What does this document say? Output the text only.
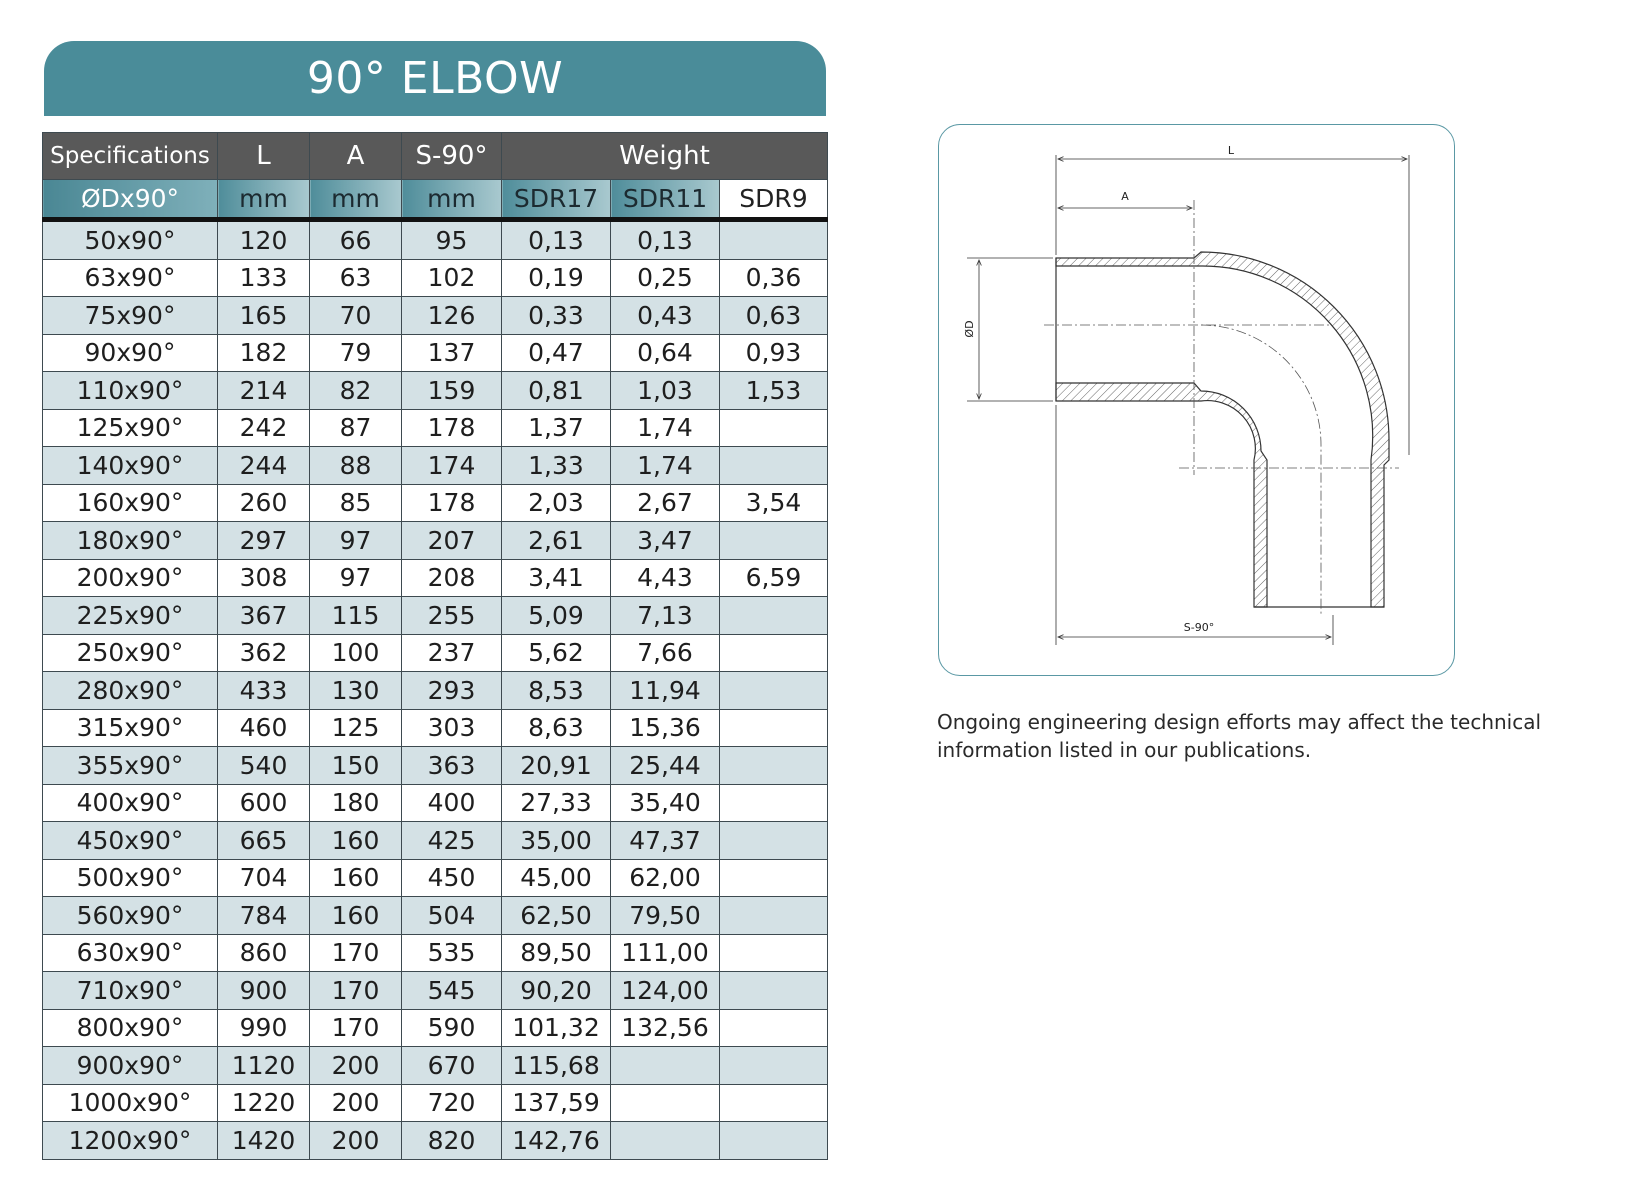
90° ELBOW
Specifications	L	A	S-90°	Weight		
ØDx90°	mm	mm	mm	SDR17	SDR11	SDR9
50x90°	120	66	95	0,13	0,13	
63x90°	133	63	102	0,19	0,25	0,36
75x90°	165	70	126	0,33	0,43	0,63
90x90°	182	79	137	0,47	0,64	0,93
110x90°	214	82	159	0,81	1,03	1,53
125x90°	242	87	178	1,37	1,74	
140x90°	244	88	174	1,33	1,74	
160x90°	260	85	178	2,03	2,67	3,54
180x90°	297	97	207	2,61	3,47	
200x90°	308	97	208	3,41	4,43	6,59
225x90°	367	115	255	5,09	7,13	
250x90°	362	100	237	5,62	7,66	
280x90°	433	130	293	8,53	11,94	
315x90°	460	125	303	8,63	15,36	
355x90°	540	150	363	20,91	25,44	
400x90°	600	180	400	27,33	35,40	
450x90°	665	160	425	35,00	47,37	
500x90°	704	160	450	45,00	62,00	
560x90°	784	160	504	62,50	79,50	
630x90°	860	170	535	89,50	111,00	
710x90°	900	170	545	90,20	124,00	
800x90°	990	170	590	101,32	132,56	
900x90°	1120	200	670	115,68		
1000x90°	1220	200	720	137,59		
1200x90°	1420	200	820	142,76		
L
A
ØD
S-90°
Ongoing engineering design efforts may affect the technical
information listed in our publications.
